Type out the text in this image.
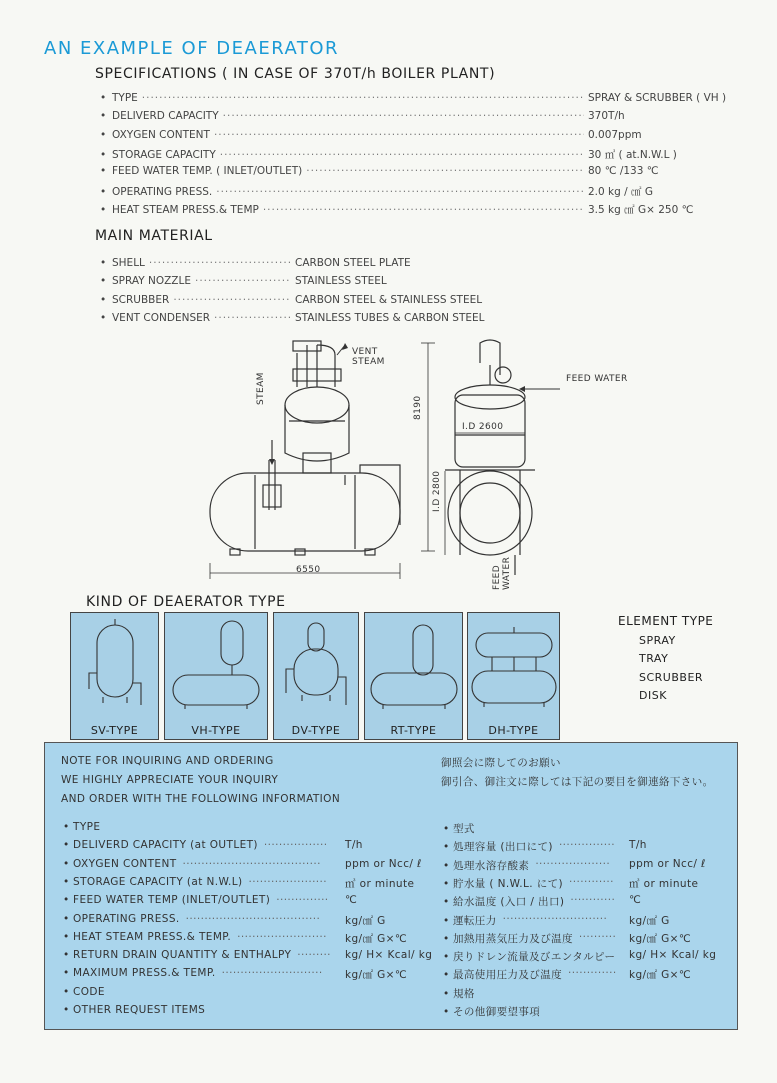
AN EXAMPLE OF DEAERATOR
SPECIFICATIONS ( IN CASE OF 370T/h BOILER PLANT)
• TYPE ·····	SPRAY & SCRUBBER ( VH )
• DELIVERD CAPACITY ·····	370T/h
• OXYGEN CONTENT ·····	0.007ppm
• STORAGE CAPACITY ·····	30 ㎥ ( at.N.W.L )
• FEED WATER TEMP. ( INLET/OUTLET) ·····	80 ℃ /133 ℃
• OPERATING PRESS. ·····	2.0 kg / ㎠ G
• HEAT STEAM PRESS.& TEMP ·····	3.5 kg ㎠ G× 250 ℃
MAIN MATERIAL
• SHELL ·····	CARBON STEEL PLATE
• SPRAY NOZZLE ·····	STAINLESS STEEL
• SCRUBBER ·····	CARBON STEEL & STAINLESS STEEL
• VENT CONDENSER ·····	STAINLESS TUBES & CARBON STEEL
VENT
STEAM
STEAM	FEED WATER
8190
I.D 2600
I.D 2800
6550	FEED WATER
KIND OF DEAERATOR TYPE
SV-TYPE	VH-TYPE	DV-TYPE	RT-TYPE	DH-TYPE
ELEMENT TYPE
SPRAY
TRAY
SCRUBBER
DISK
NOTE FOR INQUIRING AND ORDERING
WE HIGHLY APPRECIATE YOUR INQUIRY
AND ORDER WITH THE FOLLOWING INFORMATION
御照会に際してのお願い
御引合、御注文に際しては下記の要目を御連絡下さい。
• TYPE
• DELIVERD CAPACITY (at OUTLET)	T/h
·················
• OXYGEN CONTENT	ppm or Ncc/ ℓ
·····································
• STORAGE CAPACITY (at N.W.L)	㎥ or minute
·····················
• FEED WATER TEMP (INLET/OUTLET)	℃
··············
• OPERATING PRESS.	kg/㎠ G
····································
• HEAT STEAM PRESS.& TEMP.	kg/㎠ G×℃
························
• RETURN DRAIN QUANTITY & ENTHALPY	kg/ H× Kcal/ kg
·········
• MAXIMUM PRESS.& TEMP.	kg/㎠ G×℃
···························
• CODE
• OTHER REQUEST ITEMS
• 型式
• 処理容量 (出口にて)	T/h
···············
• 処理水溶存酸素	ppm or Ncc/ ℓ
····················
• 貯水量 ( N.W.L. にて)	㎥ or minute
············
• 給水温度 (入口 / 出口)	℃
············
• 運転圧力	kg/㎠ G
····························
• 加熱用蒸気圧力及び温度	kg/㎠ G×℃
··········
• 戻りドレン流量及びエンタルピー kg/ H× Kcal/ kg
• 最高使用圧力及び温度	kg/㎠ G×℃
·············
• 規格
• その他御要望事項
